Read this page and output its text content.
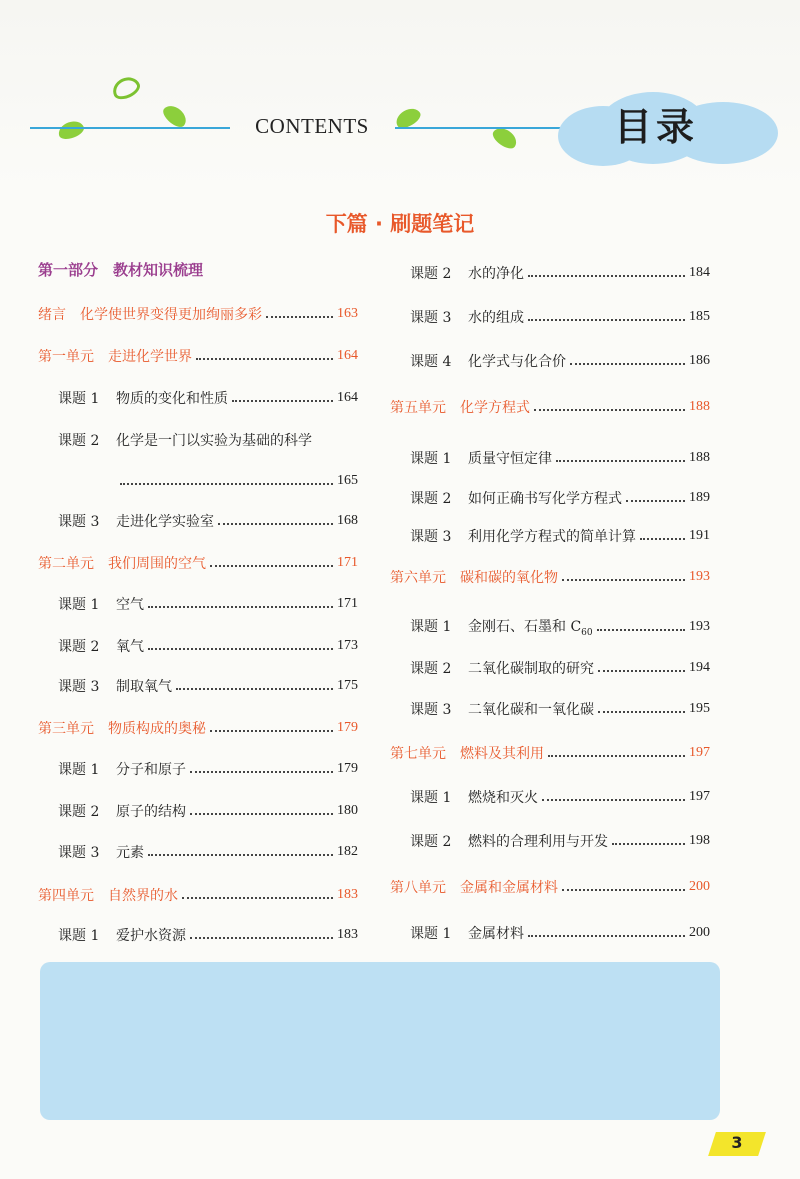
CONTENTS	目录
下篇 · 刷题笔记
第一部分　教材知识梳理
绪言　化学使世界变得更加绚丽多彩	163
第一单元　走进化学世界	164
课题 1 物质的变化和性质	164
课题 2 化学是一门以实验为基础的科学
165
课题 3 走进化学实验室	168
第二单元　我们周围的空气	171
课题 1 空气	171
课题 2 氧气	173
课题 3 制取氧气	175
第三单元　物质构成的奥秘	179
课题 1 分子和原子	179
课题 2 原子的结构	180
课题 3 元素	182
第四单元　自然界的水	183
课题 1 爱护水资源	183
课题 2 水的净化	184
课题 3 水的组成	185
课题 4 化学式与化合价	186
第五单元　化学方程式	188
课题 1 质量守恒定律	188
课题 2 如何正确书写化学方程式	189
课题 3 利用化学方程式的简单计算	191
第六单元　碳和碳的氧化物	193
课题 1 金刚石、石墨和 $C_{60}$	193
课题 2 二氧化碳制取的研究	194
课题 3 二氧化碳和一氧化碳	195
第七单元　燃料及其利用	197
课题 1 燃烧和灭火	197
课题 2 燃料的合理利用与开发	198
第八单元　金属和金属材料	200
课题 1 金属材料	200
3
